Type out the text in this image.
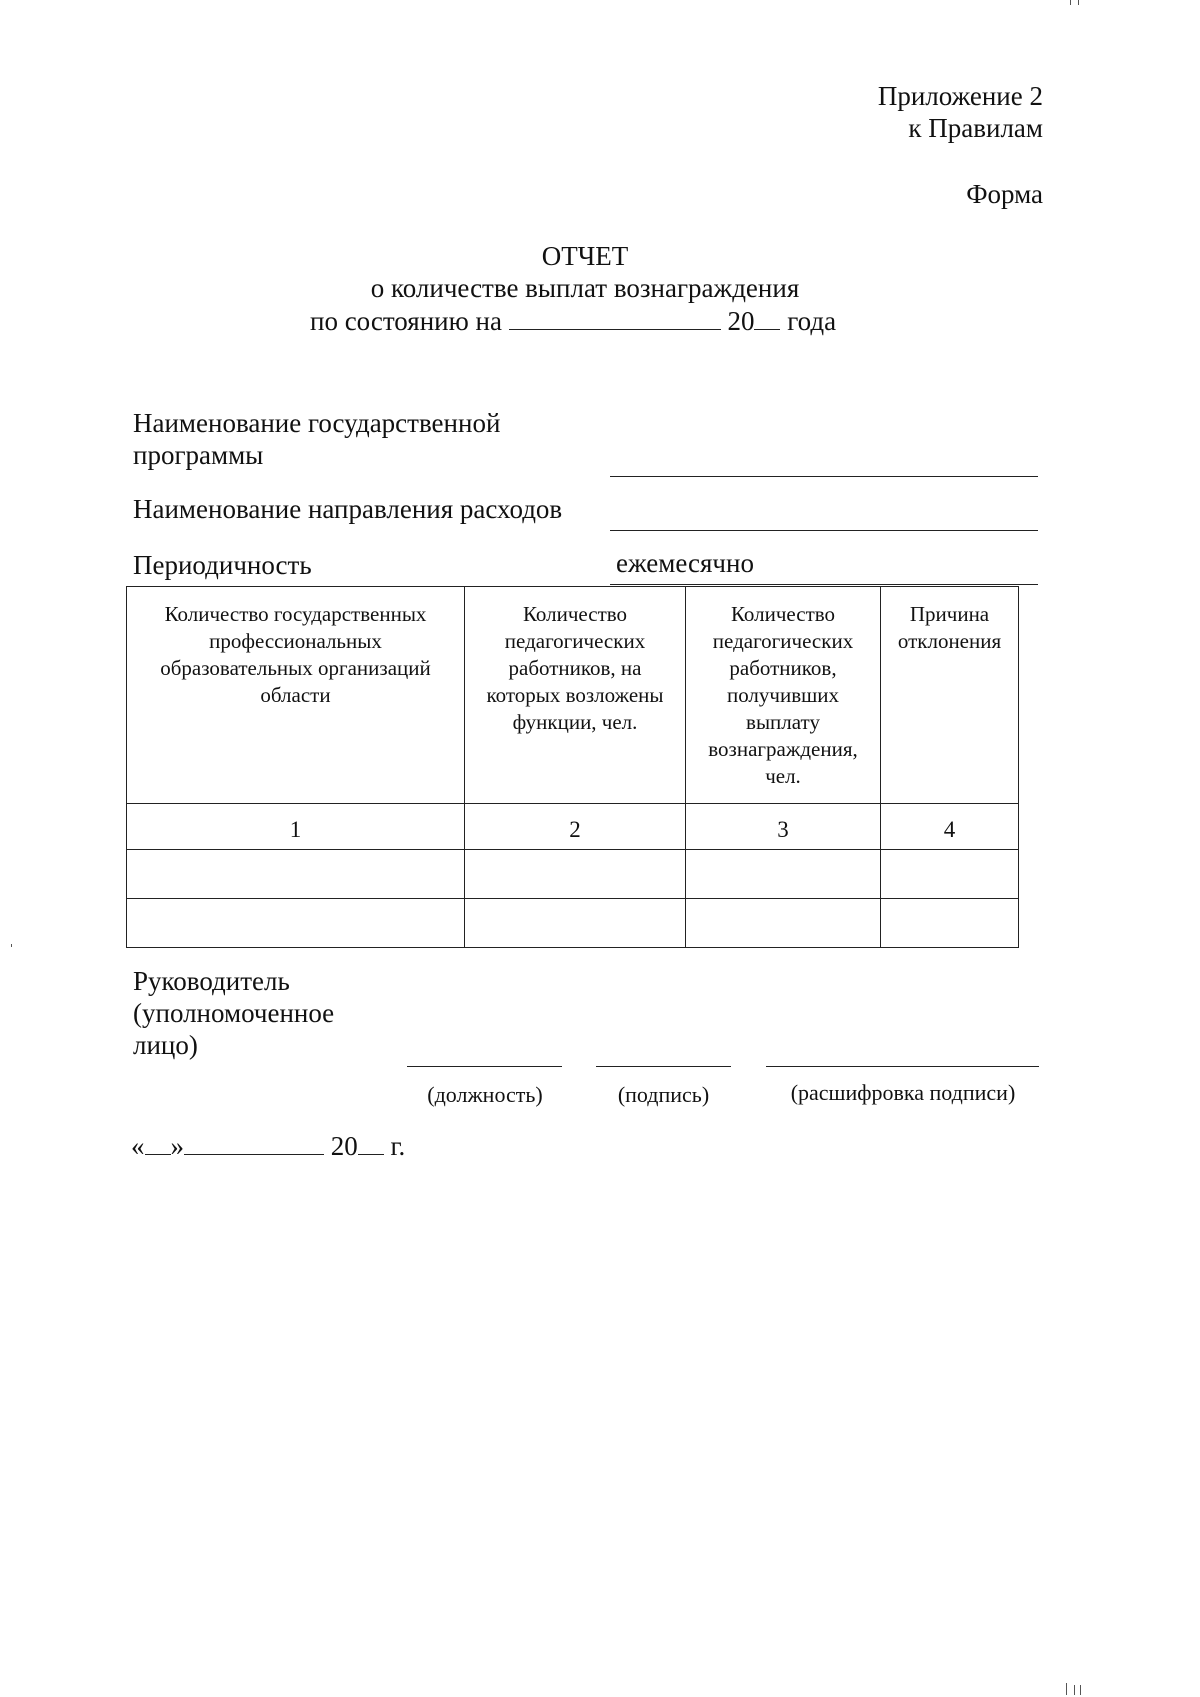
Приложение 2
к Правилам
Форма
ОТЧЕТ
о количестве выплат вознаграждения
по состоянию на	20 года
Наименование государственной программы
Наименование направления расходов
Периодичность	ежемесячно
Количество государственных профессиональных образовательных организаций области	Количество педагогических работников, на которых возложены функции, чел.	Количество педагогических работников, получивших выплату вознаграждения, чел.	Причина отклонения
1	2	3	4

Руководитель (уполномоченное лицо)
(должность)	(подпись)	(расшифровка подписи)
« »	20 г.
